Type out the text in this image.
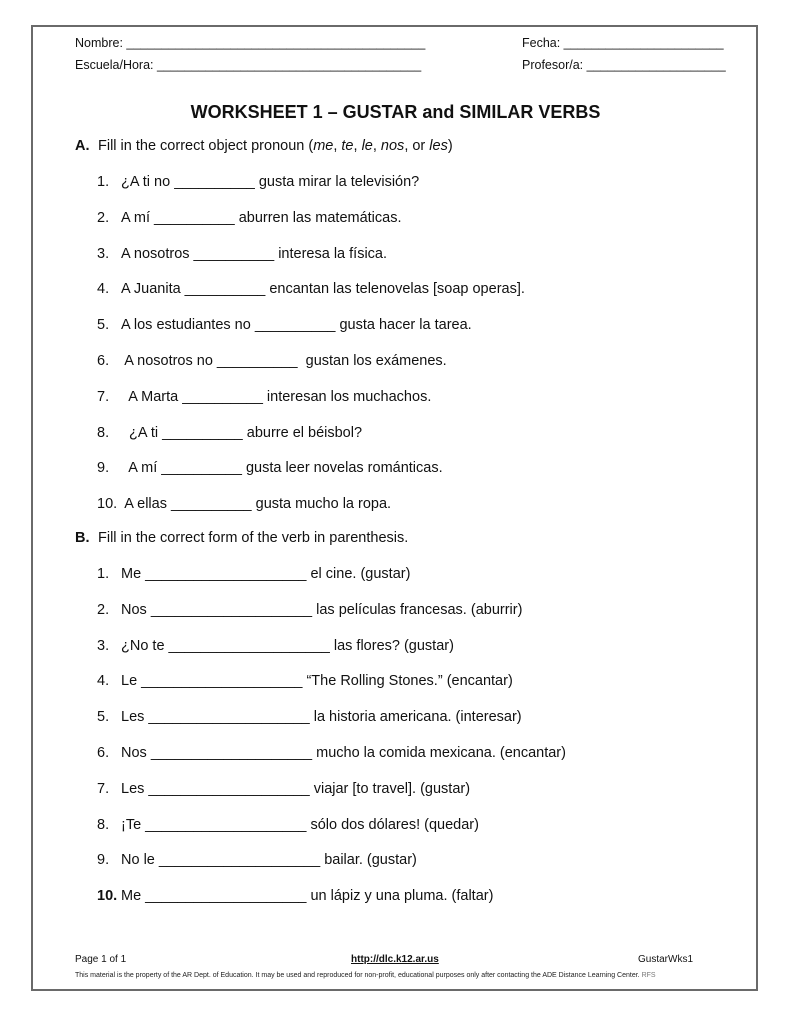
Nombre: ___________________________________________	Fecha: _______________________
Escuela/Hora: ______________________________________	Profesor/a: ____________________
WORKSHEET 1 – GUSTAR and SIMILAR VERBS
A. Fill in the correct object pronoun (me, te, le, nos, or les)
1. ¿A ti no __________ gusta mirar la televisión?
2. A mí __________ aburren las matemáticas.
3. A nosotros __________ interesa la física.
4. A Juanita __________ encantan las telenovelas [soap operas].
5. A los estudiantes no __________ gusta hacer la tarea.
6. A nosotros no __________  gustan los exámenes.
7.  A Marta __________ interesan los muchachos.
8.  ¿A ti __________ aburre el béisbol?
9.  A mí __________ gusta leer novelas románticas.
10. A ellas __________ gusta mucho la ropa.
B. Fill in the correct form of the verb in parenthesis.
1. Me ____________________ el cine. (gustar)
2. Nos ____________________ las películas francesas. (aburrir)
3. ¿No te ____________________ las flores? (gustar)
4. Le ____________________ “The Rolling Stones.” (encantar)
5. Les ____________________ la historia americana. (interesar)
6. Nos ____________________ mucho la comida mexicana. (encantar)
7. Les ____________________ viajar [to travel]. (gustar)
8. ¡Te ____________________ sólo dos dólares! (quedar)
9. No le ____________________ bailar. (gustar)
10. Me ____________________ un lápiz y una pluma. (faltar)
Page 1 of 1	http://dlc.k12.ar.us	GustarWks1
This material is the property of the AR Dept. of Education. It may be used and reproduced for non-profit, educational purposes only after contacting the ADE Distance Learning Center. RFS
